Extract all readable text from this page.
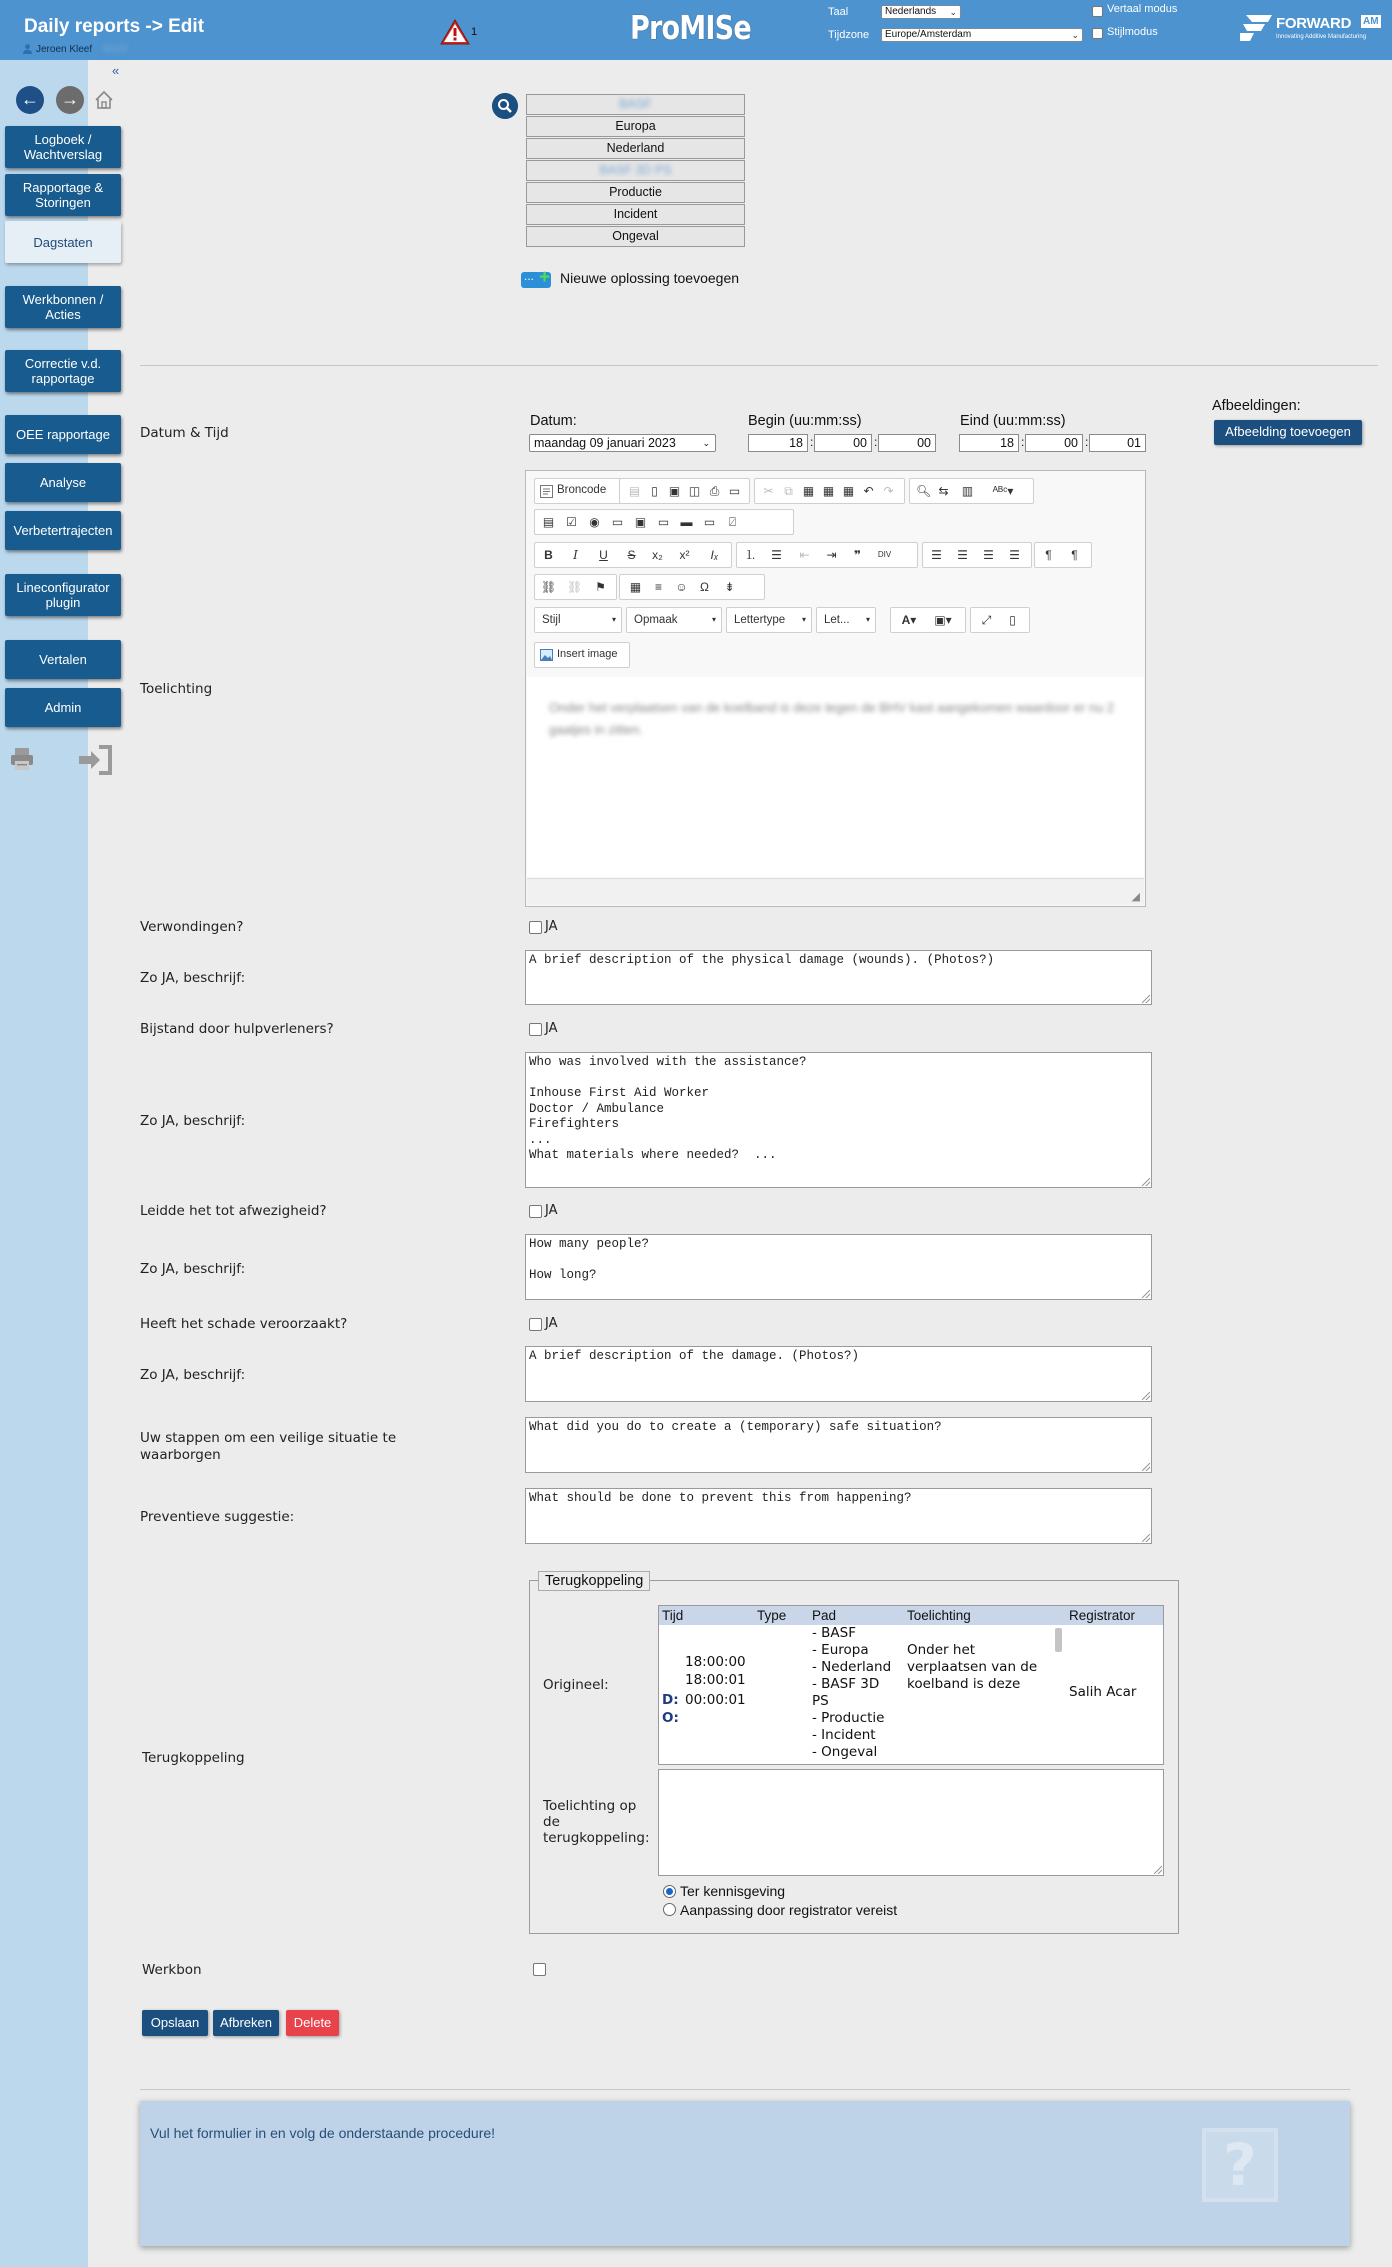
Daily reports -> Edit
Jeroen Kleef BASF
1	ProMISe	Taal	Nederlands ⌄
Tijdzone	Europe/Amsterdam	⌄
Vertaal modus
Stijlmodus	FORWARD AM
Innovating Additive Manufacturing
«
← →
Logboek / Wachtverslag
Rapportage & Storingen
Dagstaten
Werkbonnen / Acties
Correctie v.d. rapportage
OEE rapportage
Analyse
Verbetertrajecten
Lineconfigurator plugin
Vertalen
Admin
BASF
Europa
Nederland
BASF 3D PS
Productie
Incident
Ongeval
... + Nieuwe oplossing toevoegen
Datum & Tijd
Datum:
maandag 09 januari 2023	⌄
Begin (uu:mm:ss)
18 :	00 :	00
Eind (uu:mm:ss)
18 :	00 :	01
Afbeeldingen:
Afbeelding toevoegen
Toelichting
Broncode ▤ ▯ ▣ ◫ ⎙ ▭ ✂ ⧉ ▦ ▦ ▦ ↶ ↷ 🔍︎ ⇆ ▥ ᴬᴮᶜ▾
▤ ☑ ◉ ▭ ▣ ▭ ▬ ▭	⍁
B	I	U S x₂ x² Iₓ ⒈ ☰ ⇤ ⇥	❞	DIV	☰ ☰ ☰ ☰	¶	¶
⛓ ⛓ ⚑ ▦	≡	☺ Ω ⇟
Stijl	▾	Opmaak	▾	Lettertype ▾	Let... ▾	A▾	▣▾	⤢	▯
Insert image
Onder het verplaatsen van de koelband is deze tegen de BHV kast aangekomen waardoor er nu 2 gaatjes in zitten.
◢
Verwondingen?	JA
Zo JA, beschrijf:
A brief description of the physical damage (wounds). (Photos?)
Bijstand door hulpverleners?	JA
Zo JA, beschrijf:
Who was involved with the assistance?

Inhouse First Aid Worker
Doctor / Ambulance
Firefighters
...
What materials where needed?  ...
Leidde het tot afwezigheid?	JA
Zo JA, beschrijf:
How many people?

How long?
Heeft het schade veroorzaakt?	JA
Zo JA, beschrijf:
A brief description of the damage. (Photos?)
Uw stappen om een veilige situatie te waarborgen
What did you do to create a (temporary) safe situation?
Preventieve suggestie:
What should be done to prevent this from happening?
Terugkoppeling
Terugkoppeling
Origineel:
Tijd	Type Pad	Toelichting	Registrator
18:00:00
18:00:01
D: 00:00:01
O:
- BASF
- Europa
- Nederland
- BASF 3D
PS
- Productie
- Incident
- Ongeval
Onder het
verplaatsen van de
koelband is deze	Salih Acar
Toelichting op de terugkoppeling:
Ter kennisgeving
Aanpassing door registrator vereist
Werkbon
Opslaan	Afbreken	Delete
Vul het formulier in en volg de onderstaande procedure!	?
